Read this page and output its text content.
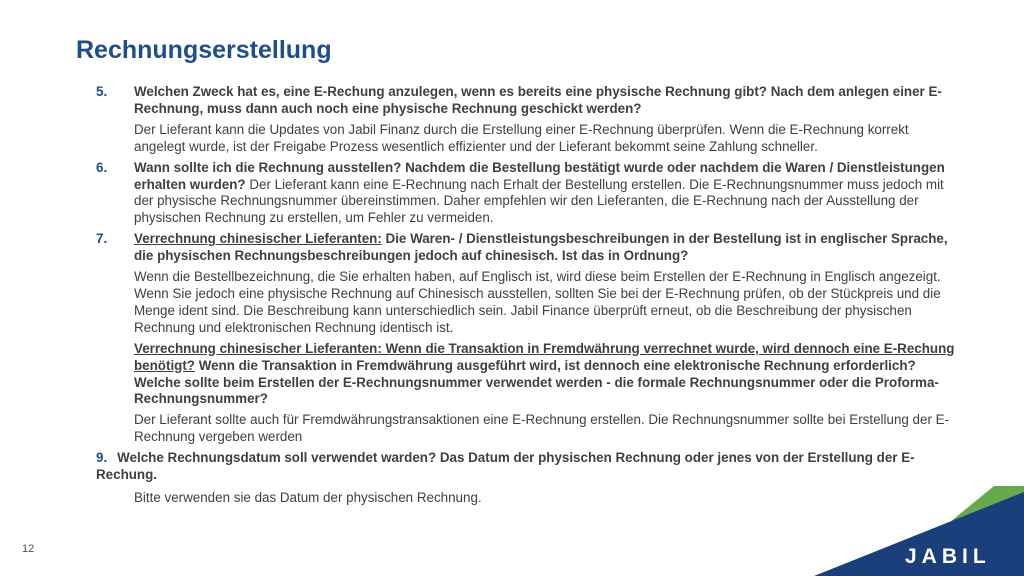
Rechnungserstellung
5.	Welchen Zweck hat es, eine E-Rechung anzulegen, wenn es bereits eine physische Rechnung gibt? Nach dem anlegen einer E-Rechnung, muss dann auch noch eine physische Rechnung geschickt werden?
Der Lieferant kann die Updates von Jabil Finanz durch die Erstellung einer E-Rechnung überprüfen. Wenn die E-Rechnung korrekt angelegt wurde, ist der Freigabe Prozess wesentlich effizienter und der Lieferant bekommt seine Zahlung schneller.
6.	Wann sollte ich die Rechnung ausstellen? Nachdem die Bestellung bestätigt wurde oder nachdem die Waren / Dienstleistungen erhalten wurden? Der Lieferant kann eine E-Rechnung nach Erhalt der Bestellung erstellen. Die E-Rechnungsnummer muss jedoch mit der physische Rechnungsnummer übereinstimmen. Daher empfehlen wir den Lieferanten, die E-Rechnung nach der Ausstellung der physischen Rechnung zu erstellen, um Fehler zu vermeiden.
7.	Verrechnung chinesischer Lieferanten: Die Waren- / Dienstleistungsbeschreibungen in der Bestellung ist in englischer Sprache, die physischen Rechnungsbeschreibungen jedoch auf chinesisch. Ist das in Ordnung?
Wenn die Bestellbezeichnung, die Sie erhalten haben, auf Englisch ist, wird diese beim Erstellen der E-Rechnung in Englisch angezeigt. Wenn Sie jedoch eine physische Rechnung auf Chinesisch ausstellen, sollten Sie bei der E-Rechnung prüfen, ob der Stückpreis und die Menge ident sind. Die Beschreibung kann unterschiedlich sein. Jabil Finance überprüft erneut, ob die Beschreibung der physischen Rechnung und elektronischen Rechnung identisch ist.
Verrechnung chinesischer Lieferanten: Wenn die Transaktion in Fremdwährung verrechnet wurde, wird dennoch eine E-Rechung benötigt? Wenn die Transaktion in Fremdwährung ausgeführt wird, ist dennoch eine elektronische Rechnung erforderlich? Welche sollte beim Erstellen der E-Rechnungsnummer verwendet werden - die formale Rechnungsnummer oder die Proforma-Rechnungsnummer?
Der Lieferant sollte auch für Fremdwährungstransaktionen eine E-Rechnung erstellen. Die Rechnungsnummer sollte bei Erstellung der E-Rechnung vergeben werden
9. Welche Rechnungsdatum soll verwendet warden? Das Datum der physischen Rechnung oder jenes von der Erstellung der E-Rechung.
Bitte verwenden sie das Datum der physischen Rechnung.
12	JABIL
